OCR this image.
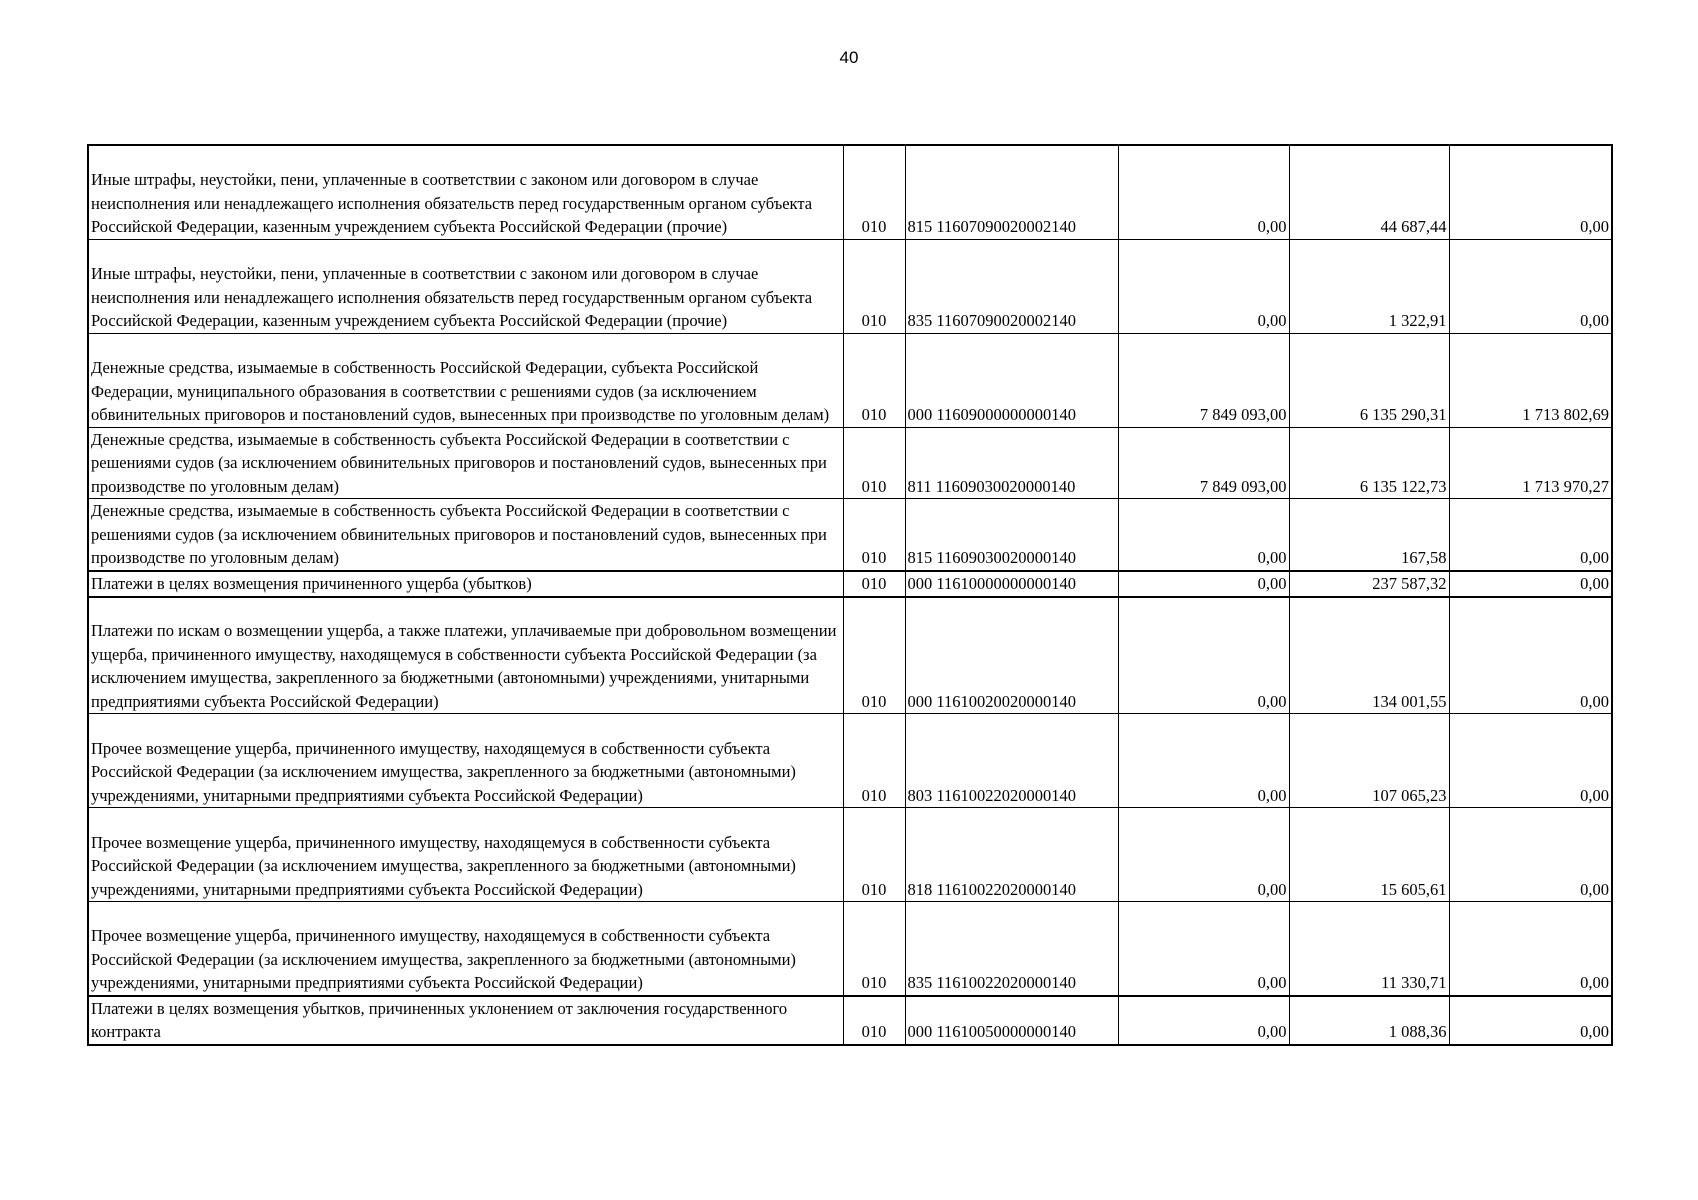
40
Иные штрафы, неустойки, пени, уплаченные в соответствии с законом или договором в случае неисполнения или ненадлежащего исполнения обязательств перед государственным органом субъекта Российской Федерации, казенным учреждением субъекта Российской Федерации (прочие)	010	815 11607090020002140	0,00	44 687,44	0,00
Иные штрафы, неустойки, пени, уплаченные в соответствии с законом или договором в случае неисполнения или ненадлежащего исполнения обязательств перед государственным органом субъекта Российской Федерации, казенным учреждением субъекта Российской Федерации (прочие)	010	835 11607090020002140	0,00	1 322,91	0,00
Денежные средства, изымаемые в собственность Российской Федерации, субъекта Российской Федерации, муниципального образования в соответствии с решениями судов (за исключением обвинительных приговоров и постановлений судов, вынесенных при производстве по уголовным делам)	010	000 11609000000000140	7 849 093,00	6 135 290,31	1 713 802,69
Денежные средства, изымаемые в собственность субъекта Российской Федерации в соответствии с решениями судов (за исключением обвинительных приговоров и постановлений судов, вынесенных при производстве по уголовным делам)	010	811 11609030020000140	7 849 093,00	6 135 122,73	1 713 970,27
Денежные средства, изымаемые в собственность субъекта Российской Федерации в соответствии с решениями судов (за исключением обвинительных приговоров и постановлений судов, вынесенных при производстве по уголовным делам)	010	815 11609030020000140	0,00	167,58	0,00
Платежи в целях возмещения причиненного ущерба (убытков)	010	000 11610000000000140	0,00	237 587,32	0,00
Платежи по искам о возмещении ущерба, а также платежи, уплачиваемые при добровольном возмещении ущерба, причиненного имуществу, находящемуся в собственности субъекта Российской Федерации (за исключением имущества, закрепленного за бюджетными (автономными) учреждениями, унитарными предприятиями субъекта Российской Федерации)	010	000 11610020020000140	0,00	134 001,55	0,00
Прочее возмещение ущерба, причиненного имуществу, находящемуся в собственности субъекта Российской Федерации (за исключением имущества, закрепленного за бюджетными (автономными) учреждениями, унитарными предприятиями субъекта Российской Федерации)	010	803 11610022020000140	0,00	107 065,23	0,00
Прочее возмещение ущерба, причиненного имуществу, находящемуся в собственности субъекта Российской Федерации (за исключением имущества, закрепленного за бюджетными (автономными) учреждениями, унитарными предприятиями субъекта Российской Федерации)	010	818 11610022020000140	0,00	15 605,61	0,00
Прочее возмещение ущерба, причиненного имуществу, находящемуся в собственности субъекта Российской Федерации (за исключением имущества, закрепленного за бюджетными (автономными) учреждениями, унитарными предприятиями субъекта Российской Федерации)	010	835 11610022020000140	0,00	11 330,71	0,00
Платежи в целях возмещения убытков, причиненных уклонением от заключения государственного контракта	010	000 11610050000000140	0,00	1 088,36	0,00
